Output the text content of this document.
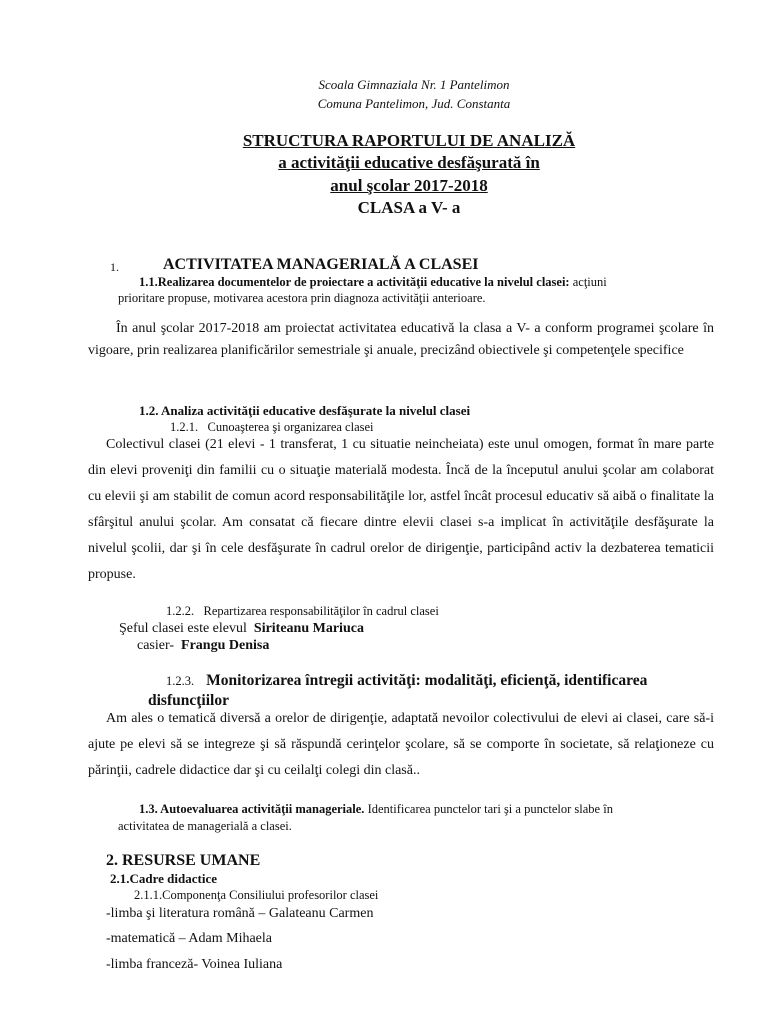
Scoala Gimnaziala Nr. 1 Pantelimon
Comuna Pantelimon, Jud. Constanta
STRUCTURA RAPORTULUI DE ANALIZĂ
a activităţii educative desfăşurată în
anul şcolar 2017-2018
CLASA a V- a
1.	ACTIVITATEA MANAGERIALĂ A CLASEI
1.1.Realizarea documentelor de proiectare a activităţii educative la nivelul clasei: acţiuni
prioritare propuse, motivarea acestora prin diagnoza activităţii anterioare.
În anul şcolar 2017-2018 am proiectat activitatea educativă la clasa a V- a conform programei şcolare în vigoare, prin realizarea planificărilor semestriale şi anuale, precizând obiectivele şi competenţele specifice
1.2. Analiza activităţii educative desfăşurate la nivelul clasei
1.2.1. Cunoaşterea şi organizarea clasei
Colectivul clasei (21 elevi - 1 transferat, 1 cu situatie neincheiata) este unul omogen, format în mare parte din elevi proveniţi din familii cu o situaţie materială modesta. Încă de la începutul anului şcolar am colaborat cu elevii şi am stabilit de comun acord responsabilităţile lor, astfel încât procesul educativ să aibă o finalitate la sfârşitul anului şcolar. Am consatat că fiecare dintre elevii clasei s-a implicat în activităţile desfăşurate la nivelul şcolii, dar şi în cele desfăşurate în cadrul orelor de dirigenţie, participând activ la dezbaterea tematicii propuse.
1.2.2. Repartizarea responsabilităţilor în cadrul clasei
Şeful clasei este elevul Siriteanu Mariuca
casier- Frangu Denisa
1.2.3. Monitorizarea întregii activităţi: modalităţi, eficienţă, identificarea
disfuncţiilor
Am ales o tematică diversă a orelor de dirigenţie, adaptată nevoilor colectivului de elevi ai clasei, care să-i ajute pe elevi să se integreze şi să răspundă cerinţelor şcolare, să se comporte în societate, să relaţioneze cu părinţii, cadrele didactice dar şi cu ceilalţi colegi din clasă..
1.3. Autoevaluarea activităţii manageriale. Identificarea punctelor tari şi a punctelor slabe în
activitatea de managerială a clasei.
2. RESURSE UMANE
2.1.Cadre didactice
2.1.1.Componenţa Consiliului profesorilor clasei
-limba şi literatura română – Galateanu Carmen
-matematică – Adam Mihaela
-limba franceză- Voinea Iuliana
